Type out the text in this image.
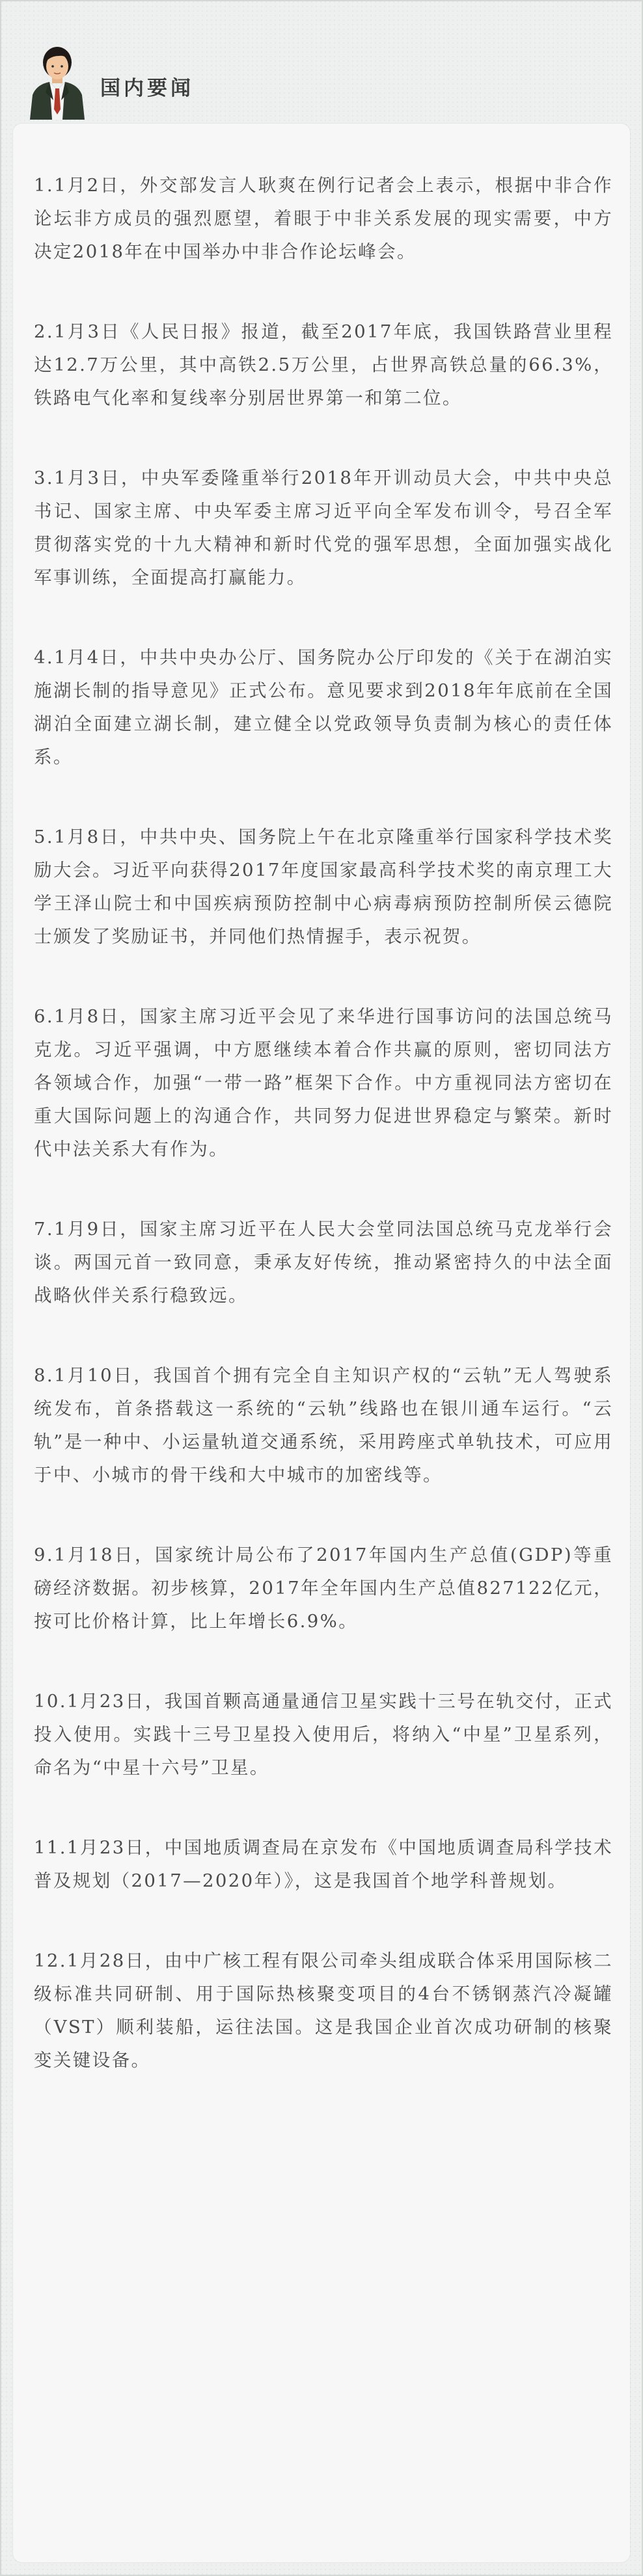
国内要闻

1.1月2日，外交部发言人耿爽在例行记者会上表示，根据中非合作论坛非方成员的强烈愿望，着眼于中非关系发展的现实需要，中方决定2018年在中国举办中非合作论坛峰会。

2.1月3日《人民日报》报道，截至2017年底，我国铁路营业里程达12.7万公里，其中高铁2.5万公里，占世界高铁总量的66.3%，铁路电气化率和复线率分别居世界第一和第二位。

3.1月3日，中央军委隆重举行2018年开训动员大会，中共中央总书记、国家主席、中央军委主席习近平向全军发布训令，号召全军贯彻落实党的十九大精神和新时代党的强军思想，全面加强实战化军事训练，全面提高打赢能力。

4.1月4日，中共中央办公厅、国务院办公厅印发的《关于在湖泊实施湖长制的指导意见》正式公布。意见要求到2018年年底前在全国湖泊全面建立湖长制，建立健全以党政领导负责制为核心的责任体系。

5.1月8日，中共中央、国务院上午在北京隆重举行国家科学技术奖励大会。习近平向获得2017年度国家最高科学技术奖的南京理工大学王泽山院士和中国疾病预防控制中心病毒病预防控制所侯云德院士颁发了奖励证书，并同他们热情握手，表示祝贺。

6.1月8日，国家主席习近平会见了来华进行国事访问的法国总统马克龙。习近平强调，中方愿继续本着合作共赢的原则，密切同法方各领域合作，加强“一带一路”框架下合作。中方重视同法方密切在重大国际问题上的沟通合作，共同努力促进世界稳定与繁荣。新时代中法关系大有作为。

7.1月9日，国家主席习近平在人民大会堂同法国总统马克龙举行会谈。两国元首一致同意，秉承友好传统，推动紧密持久的中法全面战略伙伴关系行稳致远。

8.1月10日，我国首个拥有完全自主知识产权的“云轨”无人驾驶系统发布，首条搭载这一系统的“云轨”线路也在银川通车运行。“云轨”是一种中、小运量轨道交通系统，采用跨座式单轨技术，可应用于中、小城市的骨干线和大中城市的加密线等。

9.1月18日，国家统计局公布了2017年国内生产总值(GDP)等重磅经济数据。初步核算，2017年全年国内生产总值827122亿元，按可比价格计算，比上年增长6.9%。

10.1月23日，我国首颗高通量通信卫星实践十三号在轨交付，正式投入使用。实践十三号卫星投入使用后，将纳入“中星”卫星系列，命名为“中星十六号”卫星。

11.1月23日，中国地质调查局在京发布《中国地质调查局科学技术普及规划（2017—2020年）》，这是我国首个地学科普规划。

12.1月28日，由中广核工程有限公司牵头组成联合体采用国际核二级标准共同研制、用于国际热核聚变项目的4台不锈钢蒸汽冷凝罐（VST）顺利装船，运往法国。这是我国企业首次成功研制的核聚变关键设备。
